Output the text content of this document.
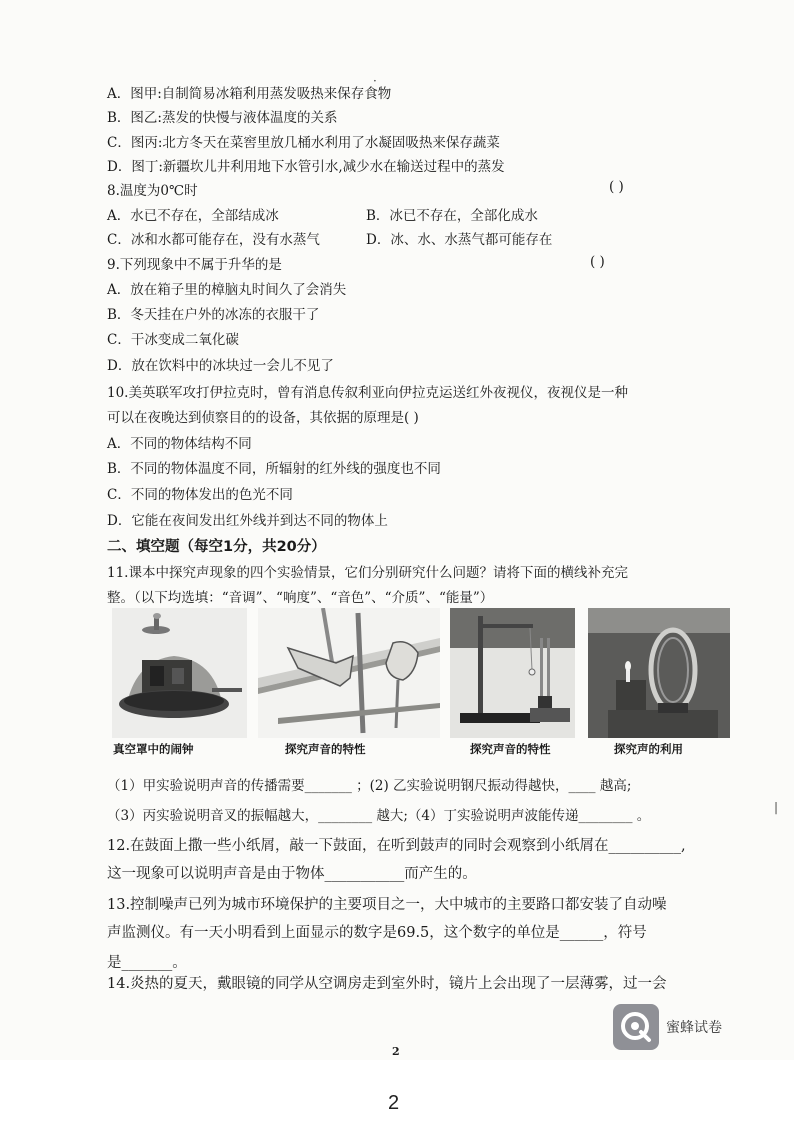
·
A．图甲:自制简易冰箱利用蒸发吸热来保存食物
B．图乙:蒸发的快慢与液体温度的关系
C．图丙:北方冬天在菜窖里放几桶水利用了水凝固吸热来保存蔬菜
D．图丁:新疆坎儿井利用地下水管引水,减少水在输送过程中的蒸发
8.温度为0℃时	( )
A．水已不存在，全部结成冰	B．冰已不存在，全部化成水
C．冰和水都可能存在，没有水蒸气	D．冰、水、水蒸气都可能存在
9.下列现象中不属于升华的是	( )
A．放在箱子里的樟脑丸时间久了会消失
B．冬天挂在户外的冰冻的衣服干了
C．干冰变成二氧化碳
D．放在饮料中的冰块过一会儿不见了
10.美英联军攻打伊拉克时，曾有消息传叙利亚向伊拉克运送红外夜视仪，夜视仪是一种
可以在夜晚达到侦察目的的设备，其依据的原理是( )
A．不同的物体结构不同
B．不同的物体温度不同，所辐射的红外线的强度也不同
C．不同的物体发出的色光不同
D．它能在夜间发出红外线并到达不同的物体上
二、填空题（每空1分，共20分）
11.课本中探究声现象的四个实验情景，它们分别研究什么问题？请将下面的横线补充完
整。（以下均选填：“音调”、“响度”、“音色”、“介质”、“能量”）
真空罩中的闹钟	探究声音的特性	探究声音的特性	探究声的利用
（1）甲实验说明声音的传播需要_______ ；(2) 乙实验说明钢尺振动得越快，____ 越高;
（3）丙实验说明音叉的振幅越大，________ 越大;（4）丁实验说明声波能传递________ 。
|
12.在鼓面上撒一些小纸屑，敲一下鼓面，在听到鼓声的同时会观察到小纸屑在__________,
这一现象可以说明声音是由于物体___________而产生的。
13.控制噪声已列为城市环境保护的主要项目之一，大中城市的主要路口都安装了自动噪
声监测仪。有一天小明看到上面显示的数字是69.5，这个数字的单位是______，符号
是_______。
14.炎热的夏天，戴眼镜的同学从空调房走到室外时，镜片上会出现了一层薄雾，过一会
蜜蜂试卷
2
2
